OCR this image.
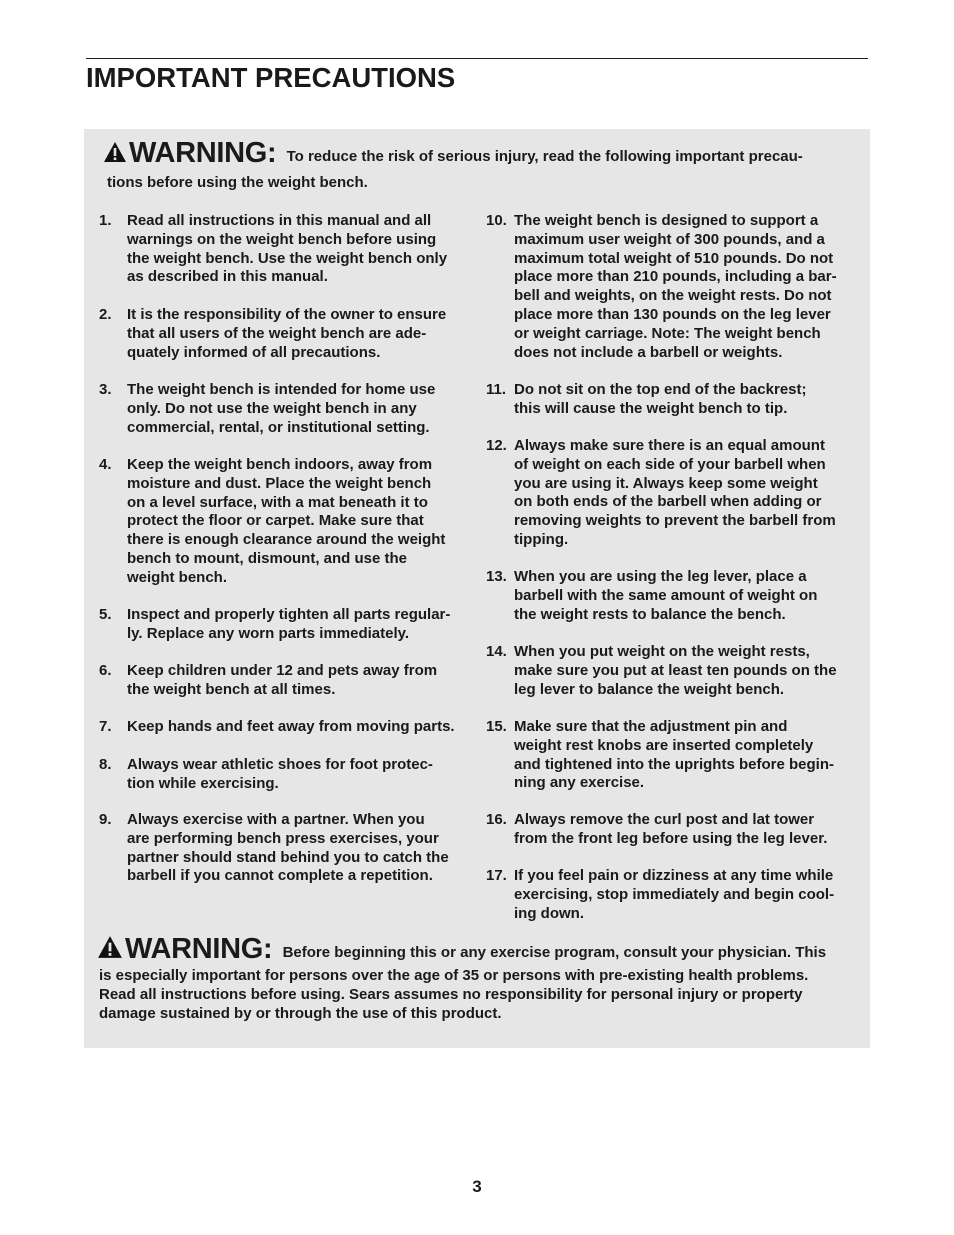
IMPORTANT PRECAUTIONS
WARNING: To reduce the risk of serious injury, read the following important precau-
tions before using the weight bench.
1. Read all instructions in this manual and all
warnings on the weight bench before using
the weight bench. Use the weight bench only
as described in this manual.
2. It is the responsibility of the owner to ensure
that all users of the weight bench are ade-
quately informed of all precautions.
3. The weight bench is intended for home use
only. Do not use the weight bench in any
commercial, rental, or institutional setting.
4. Keep the weight bench indoors, away from
moisture and dust. Place the weight bench
on a level surface, with a mat beneath it to
protect the floor or carpet. Make sure that
there is enough clearance around the weight
bench to mount, dismount, and use the
weight bench.
5. Inspect and properly tighten all parts regular-
ly. Replace any worn parts immediately.
6. Keep children under 12 and pets away from
the weight bench at all times.
7. Keep hands and feet away from moving parts.
8. Always wear athletic shoes for foot protec-
tion while exercising.
9. Always exercise with a partner. When you
are performing bench press exercises, your
partner should stand behind you to catch the
barbell if you cannot complete a repetition.
10. The weight bench is designed to support a
maximum user weight of 300 pounds, and a
maximum total weight of 510 pounds. Do not
place more than 210 pounds, including a bar-
bell and weights, on the weight rests. Do not
place more than 130 pounds on the leg lever
or weight carriage. Note: The weight bench
does not include a barbell or weights.
11. Do not sit on the top end of the backrest;
this will cause the weight bench to tip.
12. Always make sure there is an equal amount
of weight on each side of your barbell when
you are using it. Always keep some weight
on both ends of the barbell when adding or
removing weights to prevent the barbell from
tipping.
13. When you are using the leg lever, place a
barbell with the same amount of weight on
the weight rests to balance the bench.
14. When you put weight on the weight rests,
make sure you put at least ten pounds on the
leg lever to balance the weight bench.
15. Make sure that the adjustment pin and
weight rest knobs are inserted completely
and tightened into the uprights before begin-
ning any exercise.
16. Always remove the curl post and lat tower
from the front leg before using the leg lever.
17. If you feel pain or dizziness at any time while
exercising, stop immediately and begin cool-
ing down.
WARNING: Before beginning this or any exercise program, consult your physician. This
is especially important for persons over the age of 35 or persons with pre-existing health problems.
Read all instructions before using. Sears assumes no responsibility for personal injury or property
damage sustained by or through the use of this product.
3
